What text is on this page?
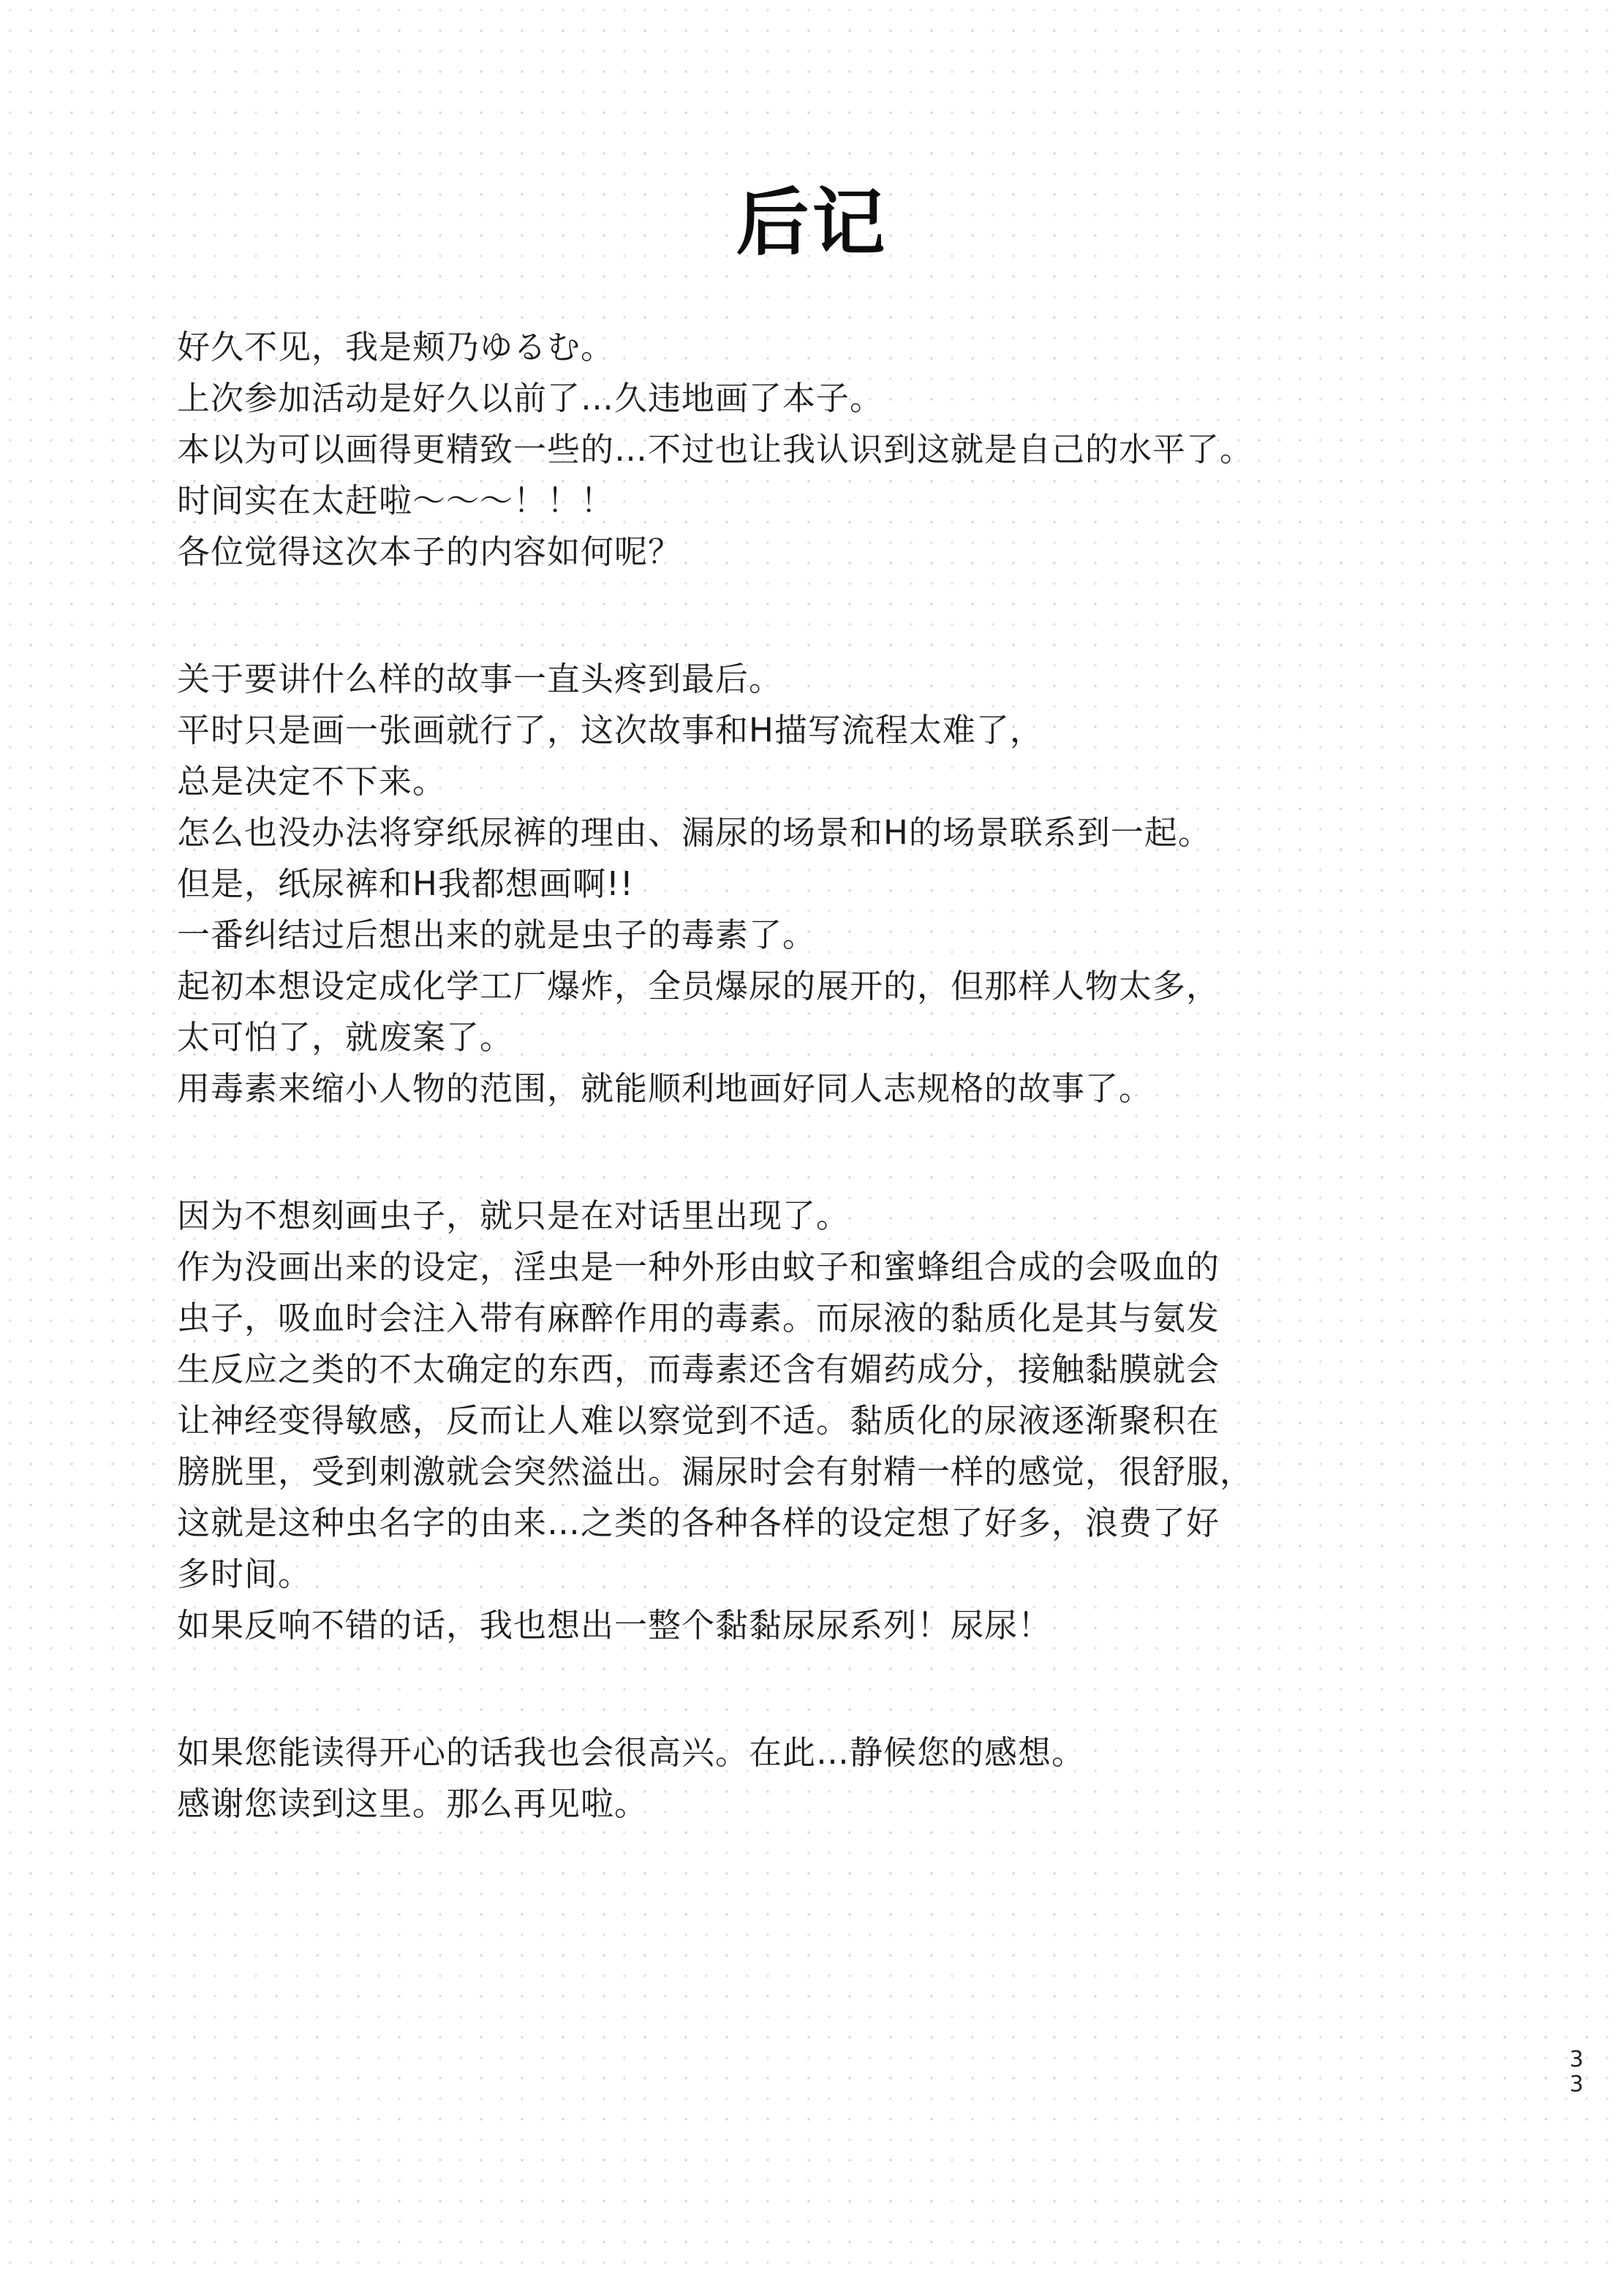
后记
好久不见，我是颊乃ゆるむ。
上次参加活动是好久以前了…久违地画了本子。
本以为可以画得更精致一些的…不过也让我认识到这就是自己的水平了。
时间实在太赶啦～～～！！！
各位觉得这次本子的内容如何呢？
关于要讲什么样的故事一直头疼到最后。
平时只是画一张画就行了，这次故事和H描写流程太难了，
总是决定不下来。
怎么也没办法将穿纸尿裤的理由、漏尿的场景和H的场景联系到一起。
但是，纸尿裤和H我都想画啊!!
一番纠结过后想出来的就是虫子的毒素了。
起初本想设定成化学工厂爆炸，全员爆尿的展开的，但那样人物太多，
太可怕了，就废案了。
用毒素来缩小人物的范围，就能顺利地画好同人志规格的故事了。
因为不想刻画虫子，就只是在对话里出现了。
作为没画出来的设定，淫虫是一种外形由蚊子和蜜蜂组合成的会吸血的
虫子，吸血时会注入带有麻醉作用的毒素。而尿液的黏质化是其与氨发
生反应之类的不太确定的东西，而毒素还含有媚药成分，接触黏膜就会
让神经变得敏感，反而让人难以察觉到不适。黏质化的尿液逐渐聚积在
膀胱里，受到刺激就会突然溢出。漏尿时会有射精一样的感觉，很舒服，
这就是这种虫名字的由来…之类的各种各样的设定想了好多，浪费了好
多时间。
如果反响不错的话，我也想出一整个黏黏尿尿系列！尿尿！
如果您能读得开心的话我也会很高兴。在此…静候您的感想。
感谢您读到这里。那么再见啦。
3
3
